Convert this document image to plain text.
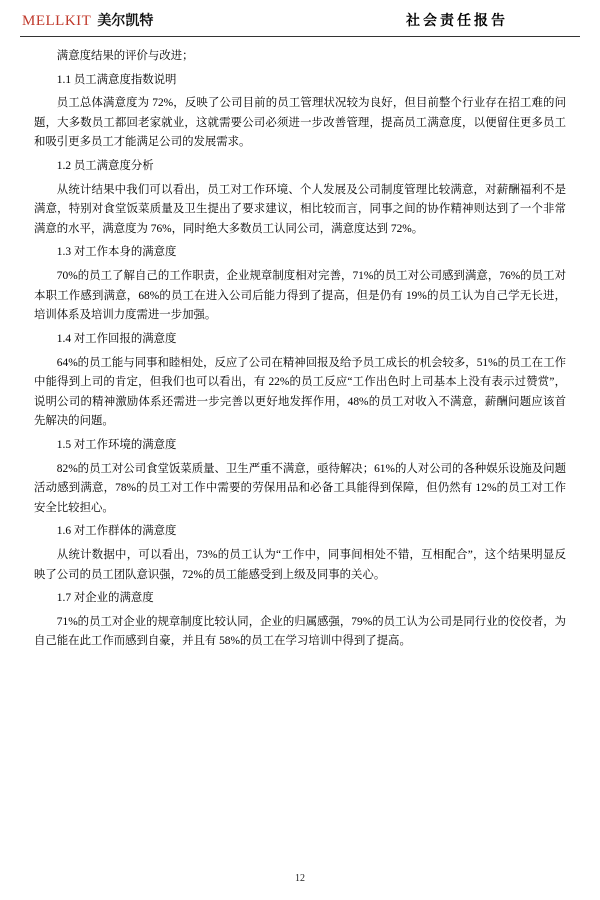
MELLKIT 美尔凯特	社会责任报告

满意度结果的评价与改进；

1.1 员工满意度指数说明

员工总体满意度为 72%，反映了公司目前的员工管理状况较为良好，但目前整个行业存在招工难的问题，大多数员工都回老家就业，这就需要公司必须进一步改善管理，提高员工满意度，以便留住更多员工和吸引更多员工才能满足公司的发展需求。

1.2 员工满意度分析

从统计结果中我们可以看出，员工对工作环境、个人发展及公司制度管理比较满意，对薪酬福利不是满意，特别对食堂饭菜质量及卫生提出了要求建议，相比较而言，同事之间的协作精神则达到了一个非常满意的水平，满意度为 76%，同时绝大多数员工认同公司，满意度达到 72%。

1.3 对工作本身的满意度

70%的员工了解自己的工作职责，企业规章制度相对完善，71%的员工对公司感到满意，76%的员工对本职工作感到满意，68%的员工在进入公司后能力得到了提高，但是仍有 19%的员工认为自己学无长进，培训体系及培训力度需进一步加强。

1.4 对工作回报的满意度

64%的员工能与同事和睦相处，反应了公司在精神回报及给予员工成长的机会较多，51%的员工在工作中能得到上司的肯定，但我们也可以看出，有 22%的员工反应“工作出色时上司基本上没有表示过赞赏”，说明公司的精神激励体系还需进一步完善以更好地发挥作用，48%的员工对收入不满意，薪酬问题应该首先解决的问题。

1.5 对工作环境的满意度

82%的员工对公司食堂饭菜质量、卫生严重不满意，亟待解决；61%的人对公司的各种娱乐设施及问题活动感到满意，78%的员工对工作中需要的劳保用品和必备工具能得到保障，但仍然有 12%的员工对工作安全比较担心。

1.6 对工作群体的满意度

从统计数据中，可以看出，73%的员工认为“工作中，同事间相处不错，互相配合”，这个结果明显反映了公司的员工团队意识强，72%的员工能感受到上级及同事的关心。

1.7 对企业的满意度

71%的员工对企业的规章制度比较认同，企业的归属感强，79%的员工认为公司是同行业的佼佼者，为自己能在此工作而感到自豪，并且有 58%的员工在学习培训中得到了提高。

12
